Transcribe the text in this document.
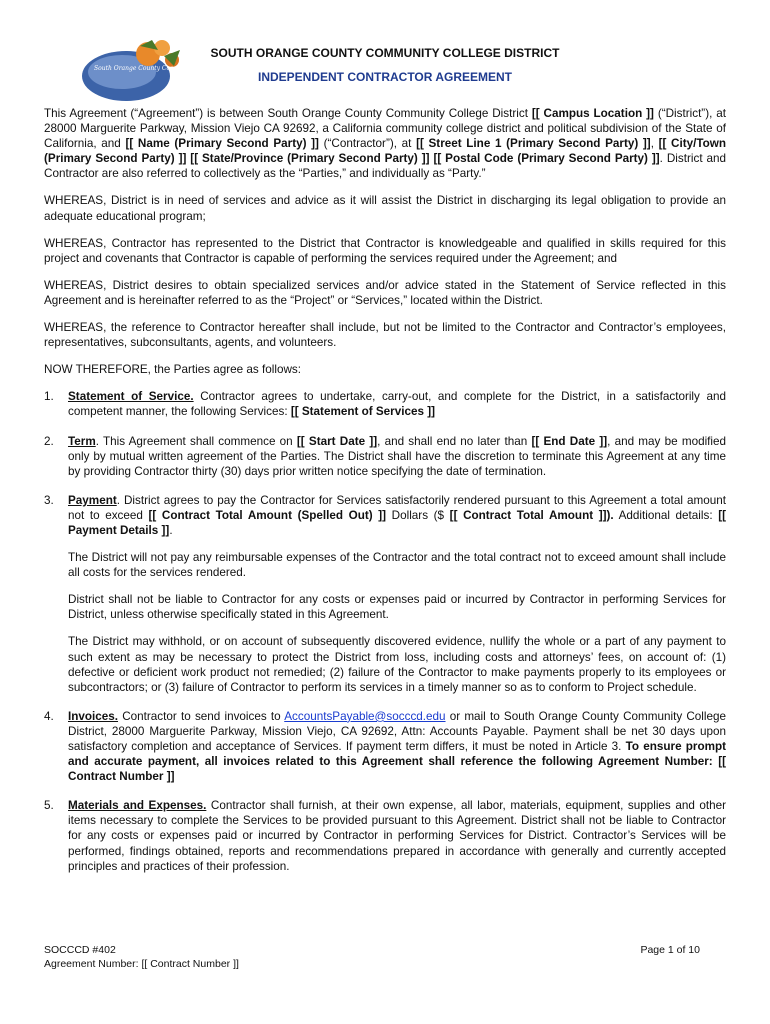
South Orange County Community College District
SOUTH ORANGE COUNTY COMMUNITY COLLEGE DISTRICT
INDEPENDENT CONTRACTOR AGREEMENT

This Agreement (“Agreement”) is between South Orange County Community College District [[ Campus Location ]] (“District”), at 28000 Marguerite Parkway, Mission Viejo CA 92692, a California community college district and political subdivision of the State of California, and [[ Name (Primary Second Party) ]] (“Contractor”), at [[ Street Line 1 (Primary Second Party) ]], [[ City/Town (Primary Second Party) ]] [[ State/Province (Primary Second Party) ]] [[ Postal Code (Primary Second Party) ]]. District and Contractor are also referred to collectively as the “Parties,” and individually as “Party.”

WHEREAS, District is in need of services and advice as it will assist the District in discharging its legal obligation to provide an adequate educational program;

WHEREAS, Contractor has represented to the District that Contractor is knowledgeable and qualified in skills required for this project and covenants that Contractor is capable of performing the services required under the Agreement; and

WHEREAS, District desires to obtain specialized services and/or advice stated in the Statement of Service reflected in this Agreement and is hereinafter referred to as the “Project” or “Services,” located within the District.

WHEREAS, the reference to Contractor hereafter shall include, but not be limited to the Contractor and Contractor’s employees, representatives, subconsultants, agents, and volunteers.

NOW THEREFORE, the Parties agree as follows:

1. Statement of Service. Contractor agrees to undertake, carry-out, and complete for the District, in a satisfactorily and competent manner, the following Services: [[ Statement of Services ]]

2. Term. This Agreement shall commence on [[ Start Date ]], and shall end no later than [[ End Date ]], and may be modified only by mutual written agreement of the Parties. The District shall have the discretion to terminate this Agreement at any time by providing Contractor thirty (30) days prior written notice specifying the date of termination.

3. Payment. District agrees to pay the Contractor for Services satisfactorily rendered pursuant to this Agreement a total amount not to exceed [[ Contract Total Amount (Spelled Out) ]] Dollars ($ [[ Contract Total Amount ]]). Additional details: [[ Payment Details ]].

The District will not pay any reimbursable expenses of the Contractor and the total contract not to exceed amount shall include all costs for the services rendered.

District shall not be liable to Contractor for any costs or expenses paid or incurred by Contractor in performing Services for District, unless otherwise specifically stated in this Agreement.

The District may withhold, or on account of subsequently discovered evidence, nullify the whole or a part of any payment to such extent as may be necessary to protect the District from loss, including costs and attorneys’ fees, on account of: (1) defective or deficient work product not remedied; (2) failure of the Contractor to make payments properly to its employees or subcontractors; or (3) failure of Contractor to perform its services in a timely manner so as to conform to Project schedule.

4. Invoices. Contractor to send invoices to AccountsPayable@socccd.edu or mail to South Orange County Community College District, 28000 Marguerite Parkway, Mission Viejo, CA 92692, Attn: Accounts Payable. Payment shall be net 30 days upon satisfactory completion and acceptance of Services. If payment term differs, it must be noted in Article 3. To ensure prompt and accurate payment, all invoices related to this Agreement shall reference the following Agreement Number: [[ Contract Number ]]

5. Materials and Expenses. Contractor shall furnish, at their own expense, all labor, materials, equipment, supplies and other items necessary to complete the Services to be provided pursuant to this Agreement. District shall not be liable to Contractor for any costs or expenses paid or incurred by Contractor in performing Services for District. Contractor’s Services will be performed, findings obtained, reports and recommendations prepared in accordance with generally and currently accepted principles and practices of their profession.

SOCCCD #402	Page 1 of 10
Agreement Number: [[ Contract Number ]]
